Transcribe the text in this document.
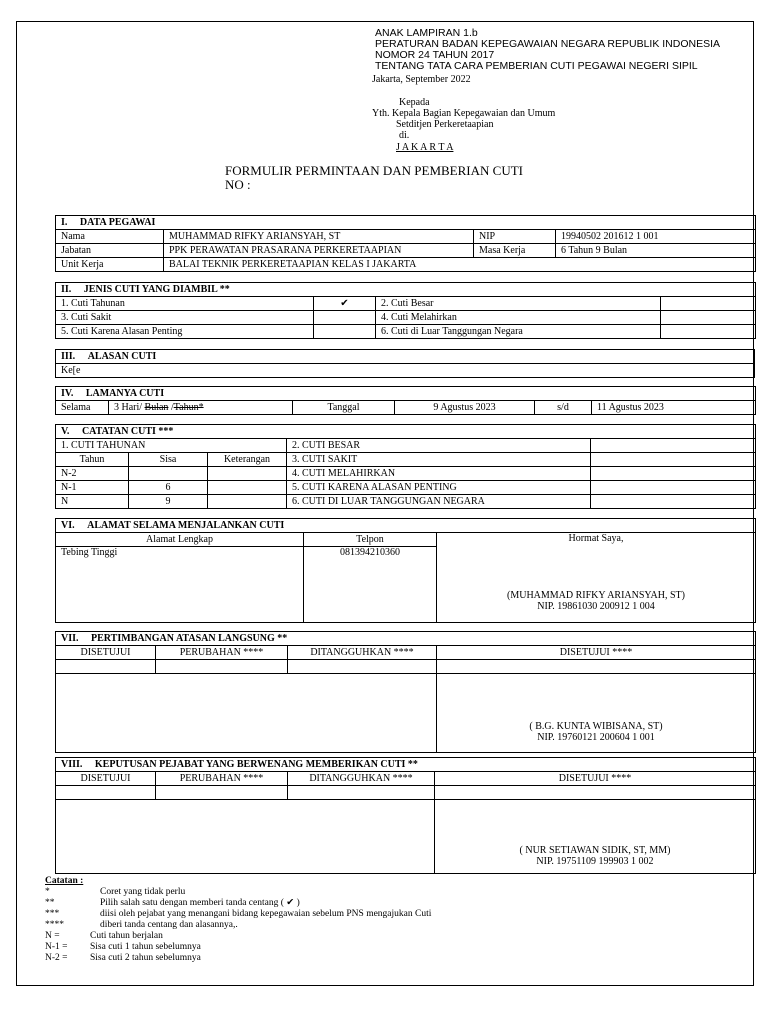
ANAK LAMPIRAN 1.b
PERATURAN BADAN KEPEGAWAIAN NEGARA REPUBLIK INDONESIA
NOMOR 24 TAHUN 2017
TENTANG TATA CARA PEMBERIAN CUTI PEGAWAI NEGERI SIPIL
Jakarta, September 2022
Kepada
Yth. Kepala Bagian Kepegawaian dan Umum
Setditjen Perkeretaapian
di.
J A K A R T A
FORMULIR PERMINTAAN DAN PEMBERIAN CUTI
NO :
I. DATA PEGAWAI			
Nama	MUHAMMAD RIFKY ARIANSYAH, ST	NIP	19940502 201612 1 001
Jabatan	PPK PERAWATAN PRASARANA PERKERETAAPIAN	Masa Kerja	6 Tahun 9 Bulan
Unit Kerja	BALAI TEKNIK PERKERETAAPIAN KELAS I JAKARTA		
II. JENIS CUTI YANG DIAMBIL **			
1. Cuti Tahunan	✔	2. Cuti Besar	
3. Cuti Sakit		4. Cuti Melahirkan	
5. Cuti Karena Alasan Penting		6. Cuti di Luar Tanggungan Negara	
III. ALASAN CUTI
Ke[e
IV. LAMANYA CUTI
Selama	3 Hari/ Bulan /Tahun*	Tanggal	9 Agustus 2023	s/d	11 Agustus 2023
V. CATATAN CUTI ***				
1. CUTI TAHUNAN			2. CUTI BESAR	
Tahun	Sisa	Keterangan	3. CUTI SAKIT	
N-2			4. CUTI MELAHIRKAN	
N-1	6		5. CUTI KARENA ALASAN PENTING	
N	9		6. CUTI DI LUAR TANGGUNGAN NEGARA	
VI. ALAMAT SELAMA MENJALANKAN CUTI		
Alamat Lengkap	Telpon	Hormat Saya,
(MUHAMMAD RIFKY ARIANSYAH, ST)
NIP. 19861030 200912 1 004

Tebing Tinggi	081394210360	
VII. PERTIMBANGAN ATASAN LANGSUNG **			
DISETUJUI	PERUBAHAN ****	DITANGGUHKAN ****	DISETUJUI ****

			( B.G. KUNTA WIBISANA, ST)
NIP. 19760121 200604 1 001
VIII. KEPUTUSAN PEJABAT YANG BERWENANG MEMBERIKAN CUTI **			
DISETUJUI	PERUBAHAN ****	DITANGGUHKAN ****	DISETUJUI ****

			( NUR SETIAWAN SIDIK, ST, MM)
NIP. 19751109 199903 1 002
Catatan :
*	Coret yang tidak perlu
**	Pilih salah satu dengan memberi tanda centang ( ✔ )
***	diisi oleh pejabat yang menangani bidang kepegawaian sebelum PNS mengajukan Cuti
****	diberi tanda centang dan alasannya,.
N =	Cuti tahun berjalan
N-1 = Sisa cuti 1 tahun sebelumnya
N-2 = Sisa cuti 2 tahun sebelumnya
